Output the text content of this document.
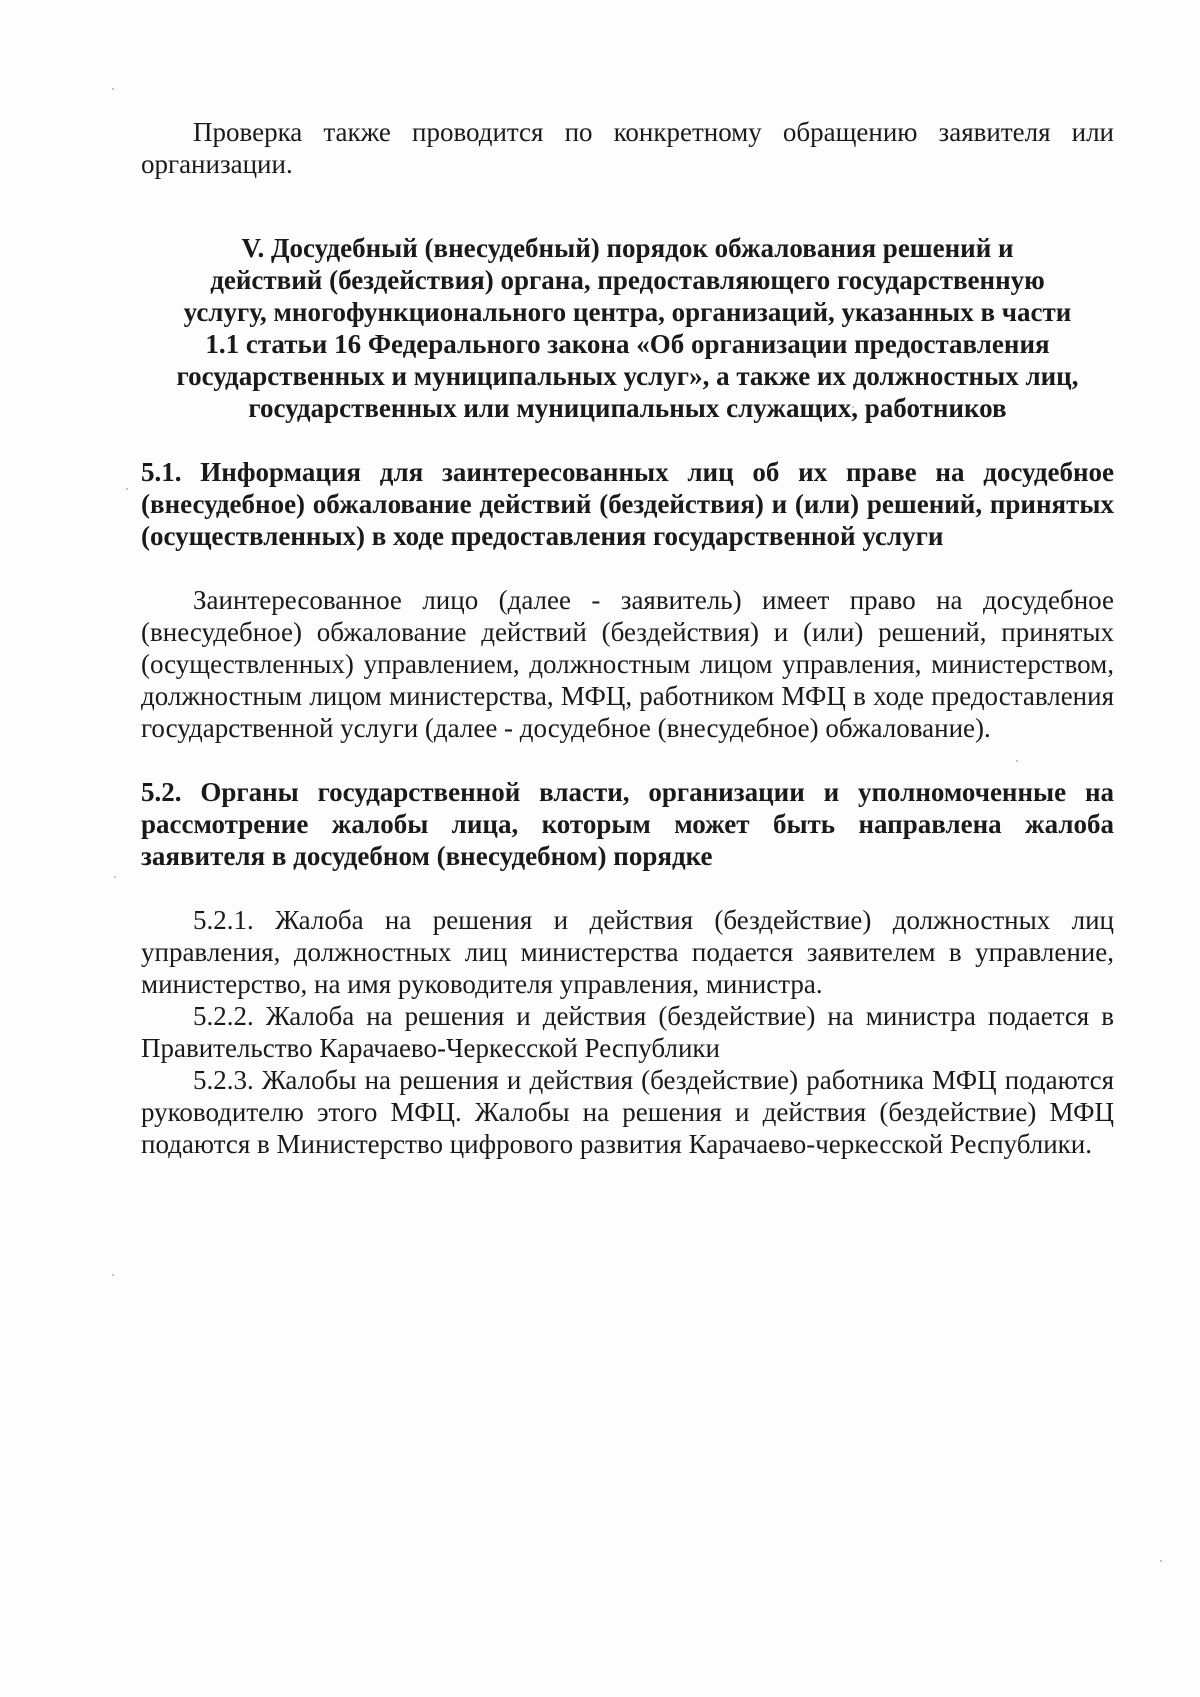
Проверка также проводится по конкретному обращению заявителя или организации.

V. Досудебный (внесудебный) порядок обжалования решений и
действий (бездействия) органа, предоставляющего государственную
услугу, многофункционального центра, организаций, указанных в части
1.1 статьи 16 Федерального закона «Об организации предоставления
государственных и муниципальных услуг», а также их должностных лиц,
государственных или муниципальных служащих, работников

5.1. Информация для заинтересованных лиц об их праве на досудебное (внесудебное) обжалование действий (бездействия) и (или) решений, принятых (осуществленных) в ходе предоставления государственной услуги

Заинтересованное лицо (далее - заявитель) имеет право на досудебное (внесудебное) обжалование действий (бездействия) и (или) решений, принятых (осуществленных) управлением, должностным лицом управления, министерством, должностным лицом министерства, МФЦ, работником МФЦ в ходе предоставления государственной услуги (далее - досудебное (внесудебное) обжалование).

5.2. Органы государственной власти, организации и уполномоченные на рассмотрение жалобы лица, которым может быть направлена жалоба заявителя в досудебном (внесудебном) порядке

5.2.1. Жалоба на решения и действия (бездействие) должностных лиц управления, должностных лиц министерства подается заявителем в управление, министерство, на имя руководителя управления, министра.

5.2.2. Жалоба на решения и действия (бездействие) на министра подается в Правительство Карачаево-Черкесской Республики

5.2.3. Жалобы на решения и действия (бездействие) работника МФЦ подаются руководителю этого МФЦ. Жалобы на решения и действия (бездействие) МФЦ подаются в Министерство цифрового развития Карачаево-черкесской Республики.
